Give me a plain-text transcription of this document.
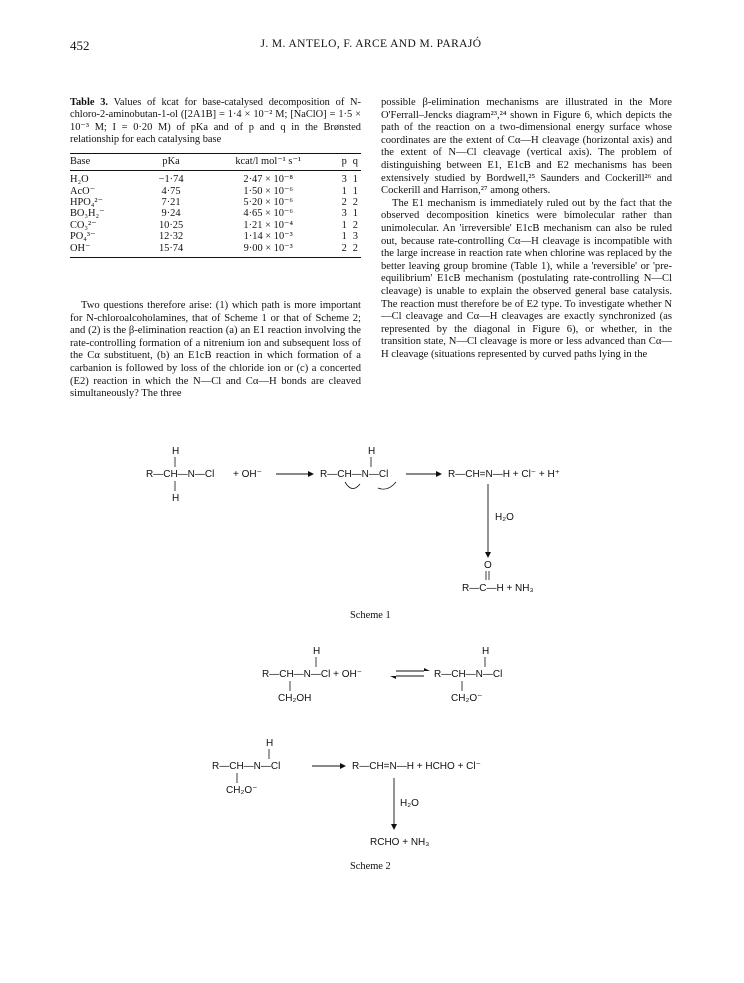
452	J. M. ANTELO, F. ARCE AND M. PARAJÓ
Table 3. Values of kcat for base-catalysed decomposition of N-chloro-2-aminobutan-1-ol ([2A1B] = 1·4 × 10⁻² M; [NaClO] = 1·5 × 10⁻³ M; I = 0·20 M) of pKa and of p and q in the Brønsted relationship for each catalysing base
Base	pKa	kcat/l mol⁻¹ s⁻¹	p	q
H₂O	−1·74	2·47 × 10⁻⁸	3	1
AcO⁻	4·75	1·50 × 10⁻⁶	1	1
HPO₄²⁻	7·21	5·20 × 10⁻⁶	2	2
BO₃H₂⁻	9·24	4·65 × 10⁻⁶	3	1
CO₃²⁻	10·25	1·21 × 10⁻⁴	1	2
PO₄³⁻	12·32	1·14 × 10⁻³	1	3
OH⁻	15·74	9·00 × 10⁻³	2	2

Two questions therefore arise: (1) which path is more important for N-chloroalcoholamines, that of Scheme 1 or that of Scheme 2; and (2) is the β-elimination reaction (a) an E1 reaction involving the rate-controlling formation of a nitrenium ion and subsequent loss of the Cα substituent, (b) an E1cB reaction in which formation of a carbanion is followed by loss of the chloride ion or (c) a concerted (E2) reaction in which the N—Cl and Cα—H bonds are cleaved simultaneously? The three

possible β-elimination mechanisms are illustrated in the More O'Ferrall–Jencks diagram²³,²⁴ shown in Figure 6, which depicts the path of the reaction on a two-dimensional energy surface whose coordinates are the extent of Cα—H cleavage (horizontal axis) and the extent of N—Cl cleavage (vertical axis). The problem of distinguishing between E1, E1cB and E2 mechanisms has been extensively studied by Bordwell,²⁵ Saunders and Cockerill²⁶ and Cockerill and Harrison,²⁷ among others.

The E1 mechanism is immediately ruled out by the fact that the observed decomposition kinetics were bimolecular rather than unimolecular. An 'irreversible' E1cB mechanism can also be ruled out, because rate-controlling Cα—H cleavage is incompatible with the large increase in reaction rate when chlorine was replaced by the better leaving group bromine (Table 1), while a 'reversible' or 'pre-equilibrium' E1cB mechanism (postulating rate-controlling N—Cl cleavage) is unable to explain the observed general base catalysis. The reaction must therefore be of E2 type. To investigate whether N—Cl cleavage and Cα—H cleavages are exactly synchronized (as represented by the diagonal in Figure 6), or whether, in the transition state, N—Cl cleavage is more or less advanced than Cα—H cleavage (situations represented by curved paths lying in the

H
R—CH—N—Cl
H
+ OH⁻
H
R—CH—N—Cl	R—CH=N—H + Cl⁻ + H⁺
H₂O
O
R—C—H + NH₃
Scheme 1
H
R—CH—N—Cl + OH⁻
CH₂OH
H
R—CH—N—Cl
CH₂O⁻
H
R—CH—N—Cl
CH₂O⁻
R—CH=N—H + HCHO + Cl⁻
H₂O
RCHO + NH₃
Scheme 2
